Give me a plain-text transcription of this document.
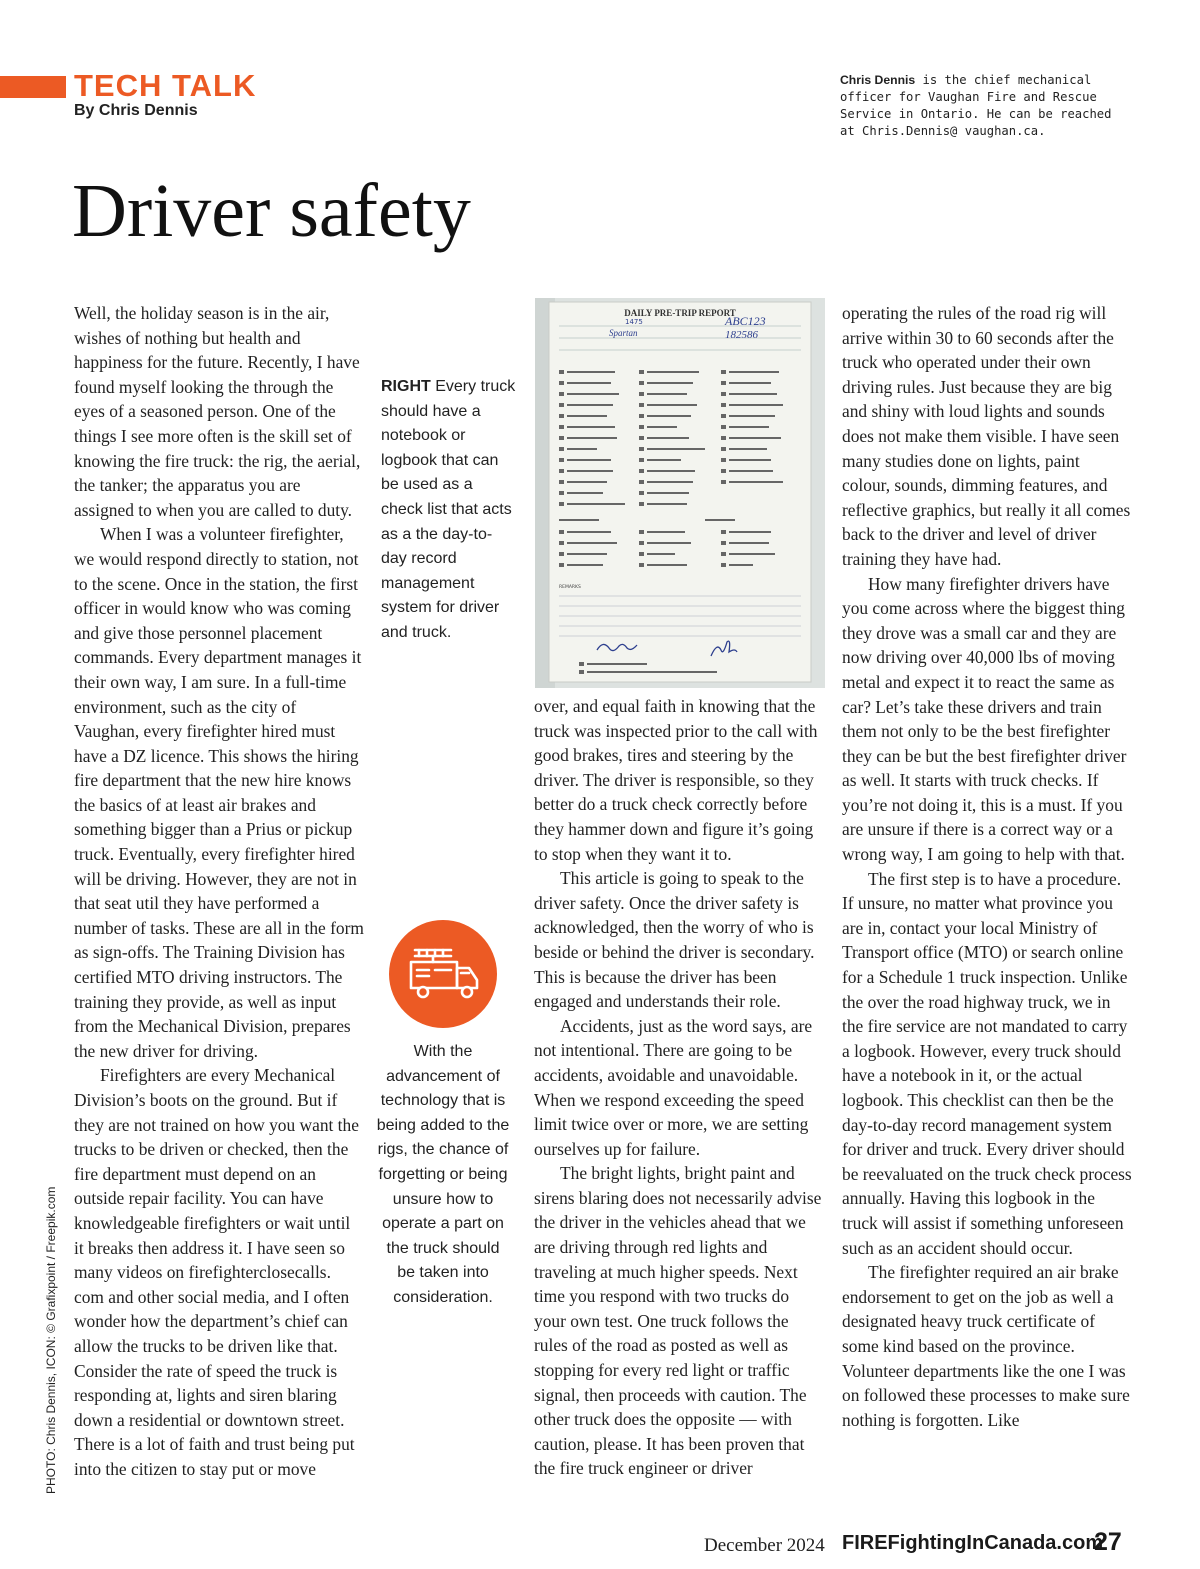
TECH TALK
By Chris Dennis
Chris Dennis is the chief mechanical officer for Vaughan Fire and Rescue Service in Ontario. He can be reached at Chris.Dennis@ vaughan.ca.
Driver safety

Well, the holiday season is in the air, wishes of nothing but health and happiness for the future. Recently, I have found myself looking the through the eyes of a seasoned person. One of the things I see more often is the skill set of knowing the fire truck: the rig, the aerial, the tanker; the apparatus you are assigned to when you are called to duty.

When I was a volunteer firefighter, we would respond directly to station, not to the scene. Once in the station, the first officer in would know who was coming and give those personnel placement commands. Every department manages it their own way, I am sure. In a full-time environment, such as the city of Vaughan, every firefighter hired must have a DZ licence. This shows the hiring fire department that the new hire knows the basics of at least air brakes and something bigger than a Prius or pickup truck. Eventually, every firefighter hired will be driving. However, they are not in that seat util they have performed a number of tasks. These are all in the form as sign-offs. The Training Division has certified MTO driving instructors. The training they provide, as well as input from the Mechanical Division, prepares the new driver for driving.

Firefighters are every Mechanical Division’s boots on the ground. But if they are not trained on how you want the trucks to be driven or checked, then the fire department must depend on an outside repair facility. You can have knowledgeable firefighters or wait until it breaks then address it. I have seen so many videos on firefighterclosecalls. com and other social media, and I often wonder how the department’s chief can allow the trucks to be driven like that. Consider the rate of speed the truck is responding at, lights and siren blaring down a residential or downtown street. There is a lot of faith and trust being put into the citizen to stay put or move

RIGHT Every truck should have a notebook or logbook that can be used as a check list that acts as a the day-to-day record management system for driver and truck.
DAILY PRE-TRIP REPORT
1475
Spartan
ABC123
182586
REMARKS
With the advancement of technology that is being added to the rigs, the chance of forgetting or being unsure how to operate a part on the truck should be taken into consideration.

over, and equal faith in knowing that the truck was inspected prior to the call with good brakes, tires and steering by the driver. The driver is responsible, so they better do a truck check correctly before they hammer down and figure it’s going to stop when they want it to.

This article is going to speak to the driver safety. Once the driver safety is acknowledged, then the worry of who is beside or behind the driver is secondary. This is because the driver has been engaged and understands their role.

Accidents, just as the word says, are not intentional. There are going to be accidents, avoidable and unavoidable. When we respond exceeding the speed limit twice over or more, we are setting ourselves up for failure.

The bright lights, bright paint and sirens blaring does not necessarily advise the driver in the vehicles ahead that we are driving through red lights and traveling at much higher speeds. Next time you respond with two trucks do your own test. One truck follows the rules of the road as posted as well as stopping for every red light or traffic signal, then proceeds with caution. The other truck does the opposite — with caution, please. It has been proven that the fire truck engineer or driver

operating the rules of the road rig will arrive within 30 to 60 seconds after the truck who operated under their own driving rules. Just because they are big and shiny with loud lights and sounds does not make them visible. I have seen many studies done on lights, paint colour, sounds, dimming features, and reflective graphics, but really it all comes back to the driver and level of driver training they have had.

How many firefighter drivers have you come across where the biggest thing they drove was a small car and they are now driving over 40,000 lbs of moving metal and expect it to react the same as car? Let’s take these drivers and train them not only to be the best firefighter they can be but the best firefighter driver as well. It starts with truck checks. If you’re not doing it, this is a must. If you are unsure if there is a correct way or a wrong way, I am going to help with that.

The first step is to have a procedure. If unsure, no matter what province you are in, contact your local Ministry of Transport office (MTO) or search online for a Schedule 1 truck inspection. Unlike the over the road highway truck, we in the fire service are not mandated to carry a logbook. However, every truck should have a notebook in it, or the actual logbook. This checklist can then be the day-to-day record management system for driver and truck. Every driver should be reevaluated on the truck check process annually. Having this logbook in the truck will assist if something unforeseen such as an accident should occur.

The firefighter required an air brake endorsement to get on the job as well a designated heavy truck certificate of some kind based on the province. Volunteer departments like the one I was on followed these processes to make sure nothing is forgotten. Like

PHOTO: Chris Dennis, ICON: © Grafixpoint / Freepik.com
December 2024 FIREFightingInCanada.com
27
